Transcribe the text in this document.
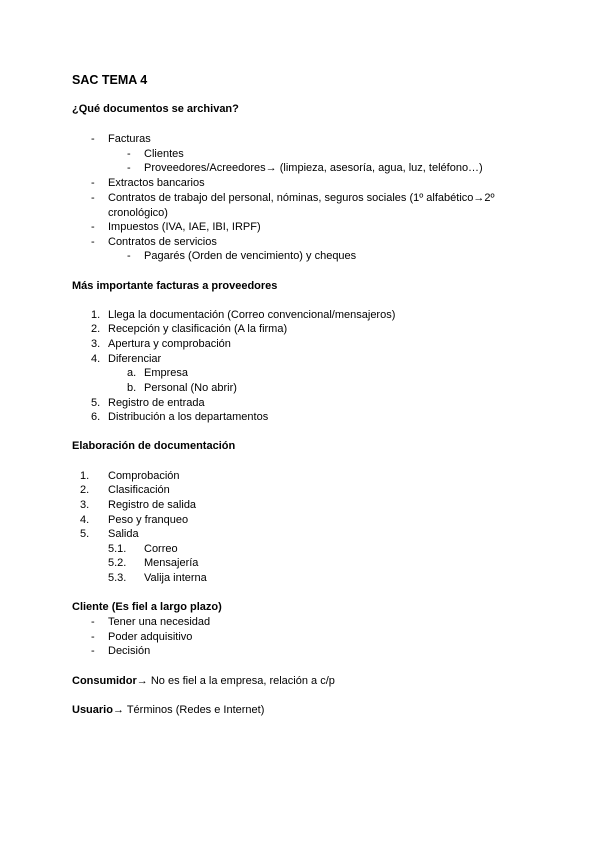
SAC TEMA 4
¿Qué documentos se archivan?
- Facturas
- Clientes
- Proveedores/Acreedores→ (limpieza, asesoría, agua, luz, teléfono…)
- Extractos bancarios
- Contratos de trabajo del personal, nóminas, seguros sociales (1º alfabético→2º
cronológico)
- Impuestos (IVA, IAE, IBI, IRPF)
- Contratos de servicios
- Pagarés (Orden de vencimiento) y cheques
Más importante facturas a proveedores
1. Llega la documentación (Correo convencional/mensajeros)
2. Recepción y clasificación (A la firma)
3. Apertura y comprobación
4. Diferenciar
a. Empresa
b. Personal (No abrir)
5. Registro de entrada
6. Distribución a los departamentos
Elaboración de documentación
1. Comprobación
2. Clasificación
3. Registro de salida
4. Peso y franqueo
5. Salida
5.1. Correo
5.2. Mensajería
5.3. Valija interna
Cliente (Es fiel a largo plazo)
- Tener una necesidad
- Poder adquisitivo
- Decisión
Consumidor→ No es fiel a la empresa, relación a c/p
Usuario→ Términos (Redes e Internet)
